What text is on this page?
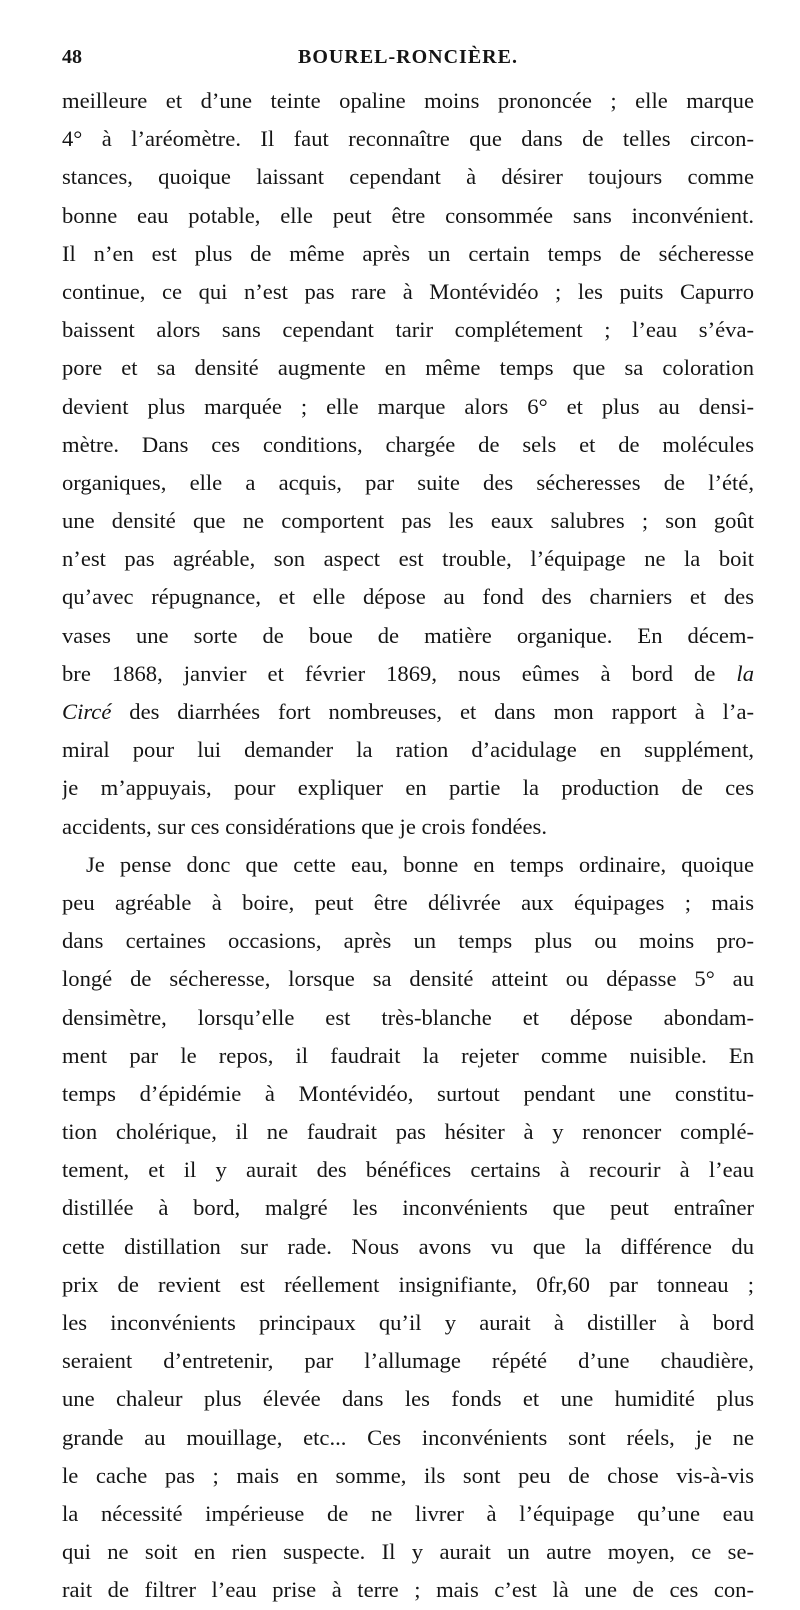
48	BOUREL-RONCIÈRE.
meilleure et d’une teinte opaline moins prononcée ; elle marque
4° à l’aréomètre. Il faut reconnaître que dans de telles circon-
stances, quoique laissant cependant à désirer toujours comme
bonne eau potable, elle peut être consommée sans inconvénient.
Il n’en est plus de même après un certain temps de sécheresse
continue, ce qui n’est pas rare à Montévidéo ; les puits Capurro
baissent alors sans cependant tarir complétement ; l’eau s’éva-
pore et sa densité augmente en même temps que sa coloration
devient plus marquée ; elle marque alors 6° et plus au densi-
mètre. Dans ces conditions, chargée de sels et de molécules
organiques, elle a acquis, par suite des sécheresses de l’été,
une densité que ne comportent pas les eaux salubres ; son goût
n’est pas agréable, son aspect est trouble, l’équipage ne la boit
qu’avec répugnance, et elle dépose au fond des charniers et des
vases une sorte de boue de matière organique. En décem-
bre 1868, janvier et février 1869, nous eûmes à bord de la
Circé des diarrhées fort nombreuses, et dans mon rapport à l’a-
miral pour lui demander la ration d’acidulage en supplément,
je m’appuyais, pour expliquer en partie la production de ces
accidents, sur ces considérations que je crois fondées.
Je pense donc que cette eau, bonne en temps ordinaire, quoique
peu agréable à boire, peut être délivrée aux équipages ; mais
dans certaines occasions, après un temps plus ou moins pro-
longé de sécheresse, lorsque sa densité atteint ou dépasse 5° au
densimètre, lorsqu’elle est très-blanche et dépose abondam-
ment par le repos, il faudrait la rejeter comme nuisible. En
temps d’épidémie à Montévidéo, surtout pendant une constitu-
tion cholérique, il ne faudrait pas hésiter à y renoncer complé-
tement, et il y aurait des bénéfices certains à recourir à l’eau
distillée à bord, malgré les inconvénients que peut entraîner
cette distillation sur rade. Nous avons vu que la différence du
prix de revient est réellement insignifiante, 0fr,60 par tonneau ;
les inconvénients principaux qu’il y aurait à distiller à bord
seraient d’entretenir, par l’allumage répété d’une chaudière,
une chaleur plus élevée dans les fonds et une humidité plus
grande au mouillage, etc... Ces inconvénients sont réels, je ne
le cache pas ; mais en somme, ils sont peu de chose vis-à-vis
la nécessité impérieuse de ne livrer à l’équipage qu’une eau
qui ne soit en rien suspecte. Il y aurait un autre moyen, ce se-
rait de filtrer l’eau prise à terre ; mais c’est là une de ces con-
